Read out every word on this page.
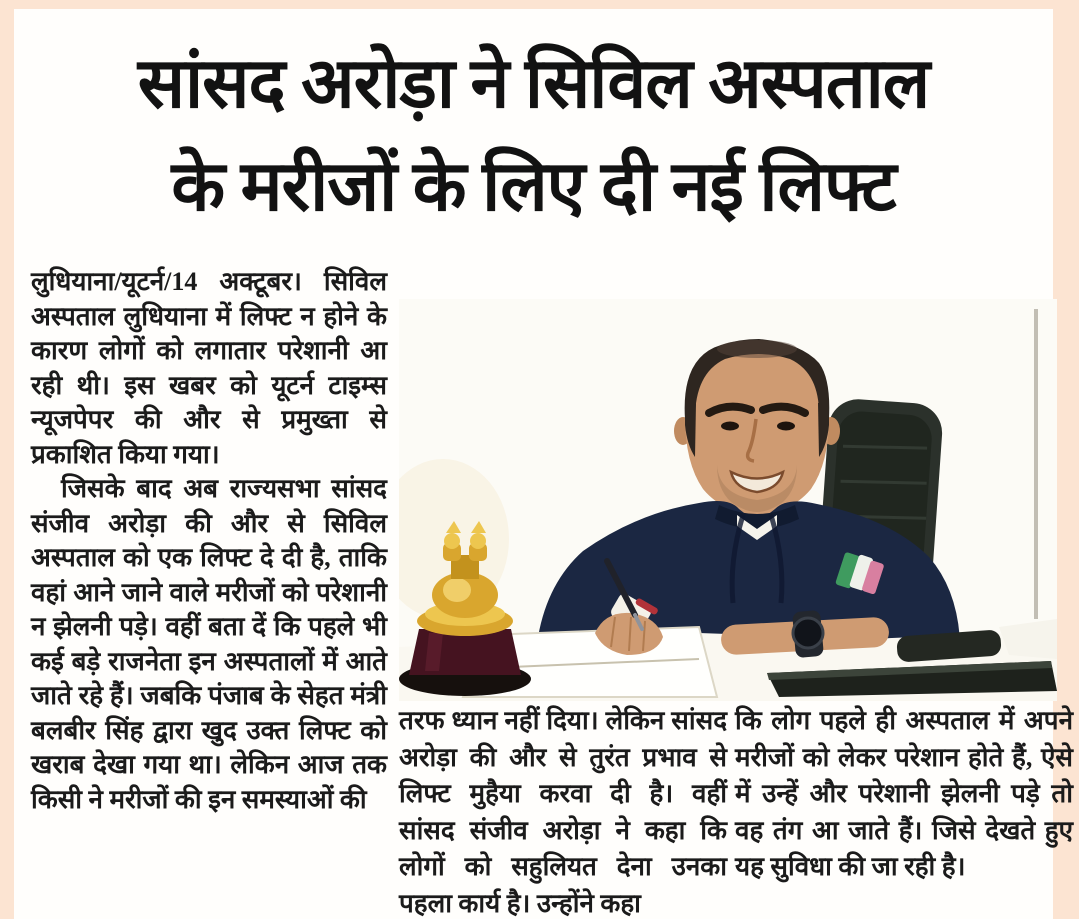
सांसद अरोड़ा ने सिविल अस्पताल
के मरीजों के लिए दी नई लिफ्ट

लुधियाना/यूटर्न/14 अक्टूबर। सिविल अस्पताल लुधियाना में लिफ्ट न होने के कारण लोगों को लगातार परेशानी आ रही थी। इस खबर को यूटर्न टाइम्स न्यूजपेपर की और से प्रमुख्ता से प्रकाशित किया गया।

जिसके बाद अब राज्यसभा सांसद संजीव अरोड़ा की और से सिविल अस्पताल को एक लिफ्ट दे दी है, ताकि वहां आने जाने वाले मरीजों को परेशानी न झेलनी पड़े। वहीं बता दें कि पहले भी कई बड़े राजनेता इन अस्पतालों में आते जाते रहे हैं। जबकि पंजाब के सेहत मंत्री बलबीर सिंह द्वारा खुद उक्त लिफ्ट को खराब देखा गया था। लेकिन आज तक किसी ने मरीजों की इन समस्याओं की

तरफ ध्यान नहीं दिया। लेकिन सांसद अरोड़ा की और से तुरंत प्रभाव से लिफ्ट मुहैया करवा दी है। वहीं सांसद संजीव अरोड़ा ने कहा कि लोगों को सहुलियत देना उनका पहला कार्य है। उन्होंने कहा

कि लोग पहले ही अस्पताल में अपने मरीजों को लेकर परेशान होते हैं, ऐसे में उन्हें और परेशानी झेलनी पड़े तो वह तंग आ जाते हैं। जिसे देखते हुए यह सुविधा की जा रही है।
